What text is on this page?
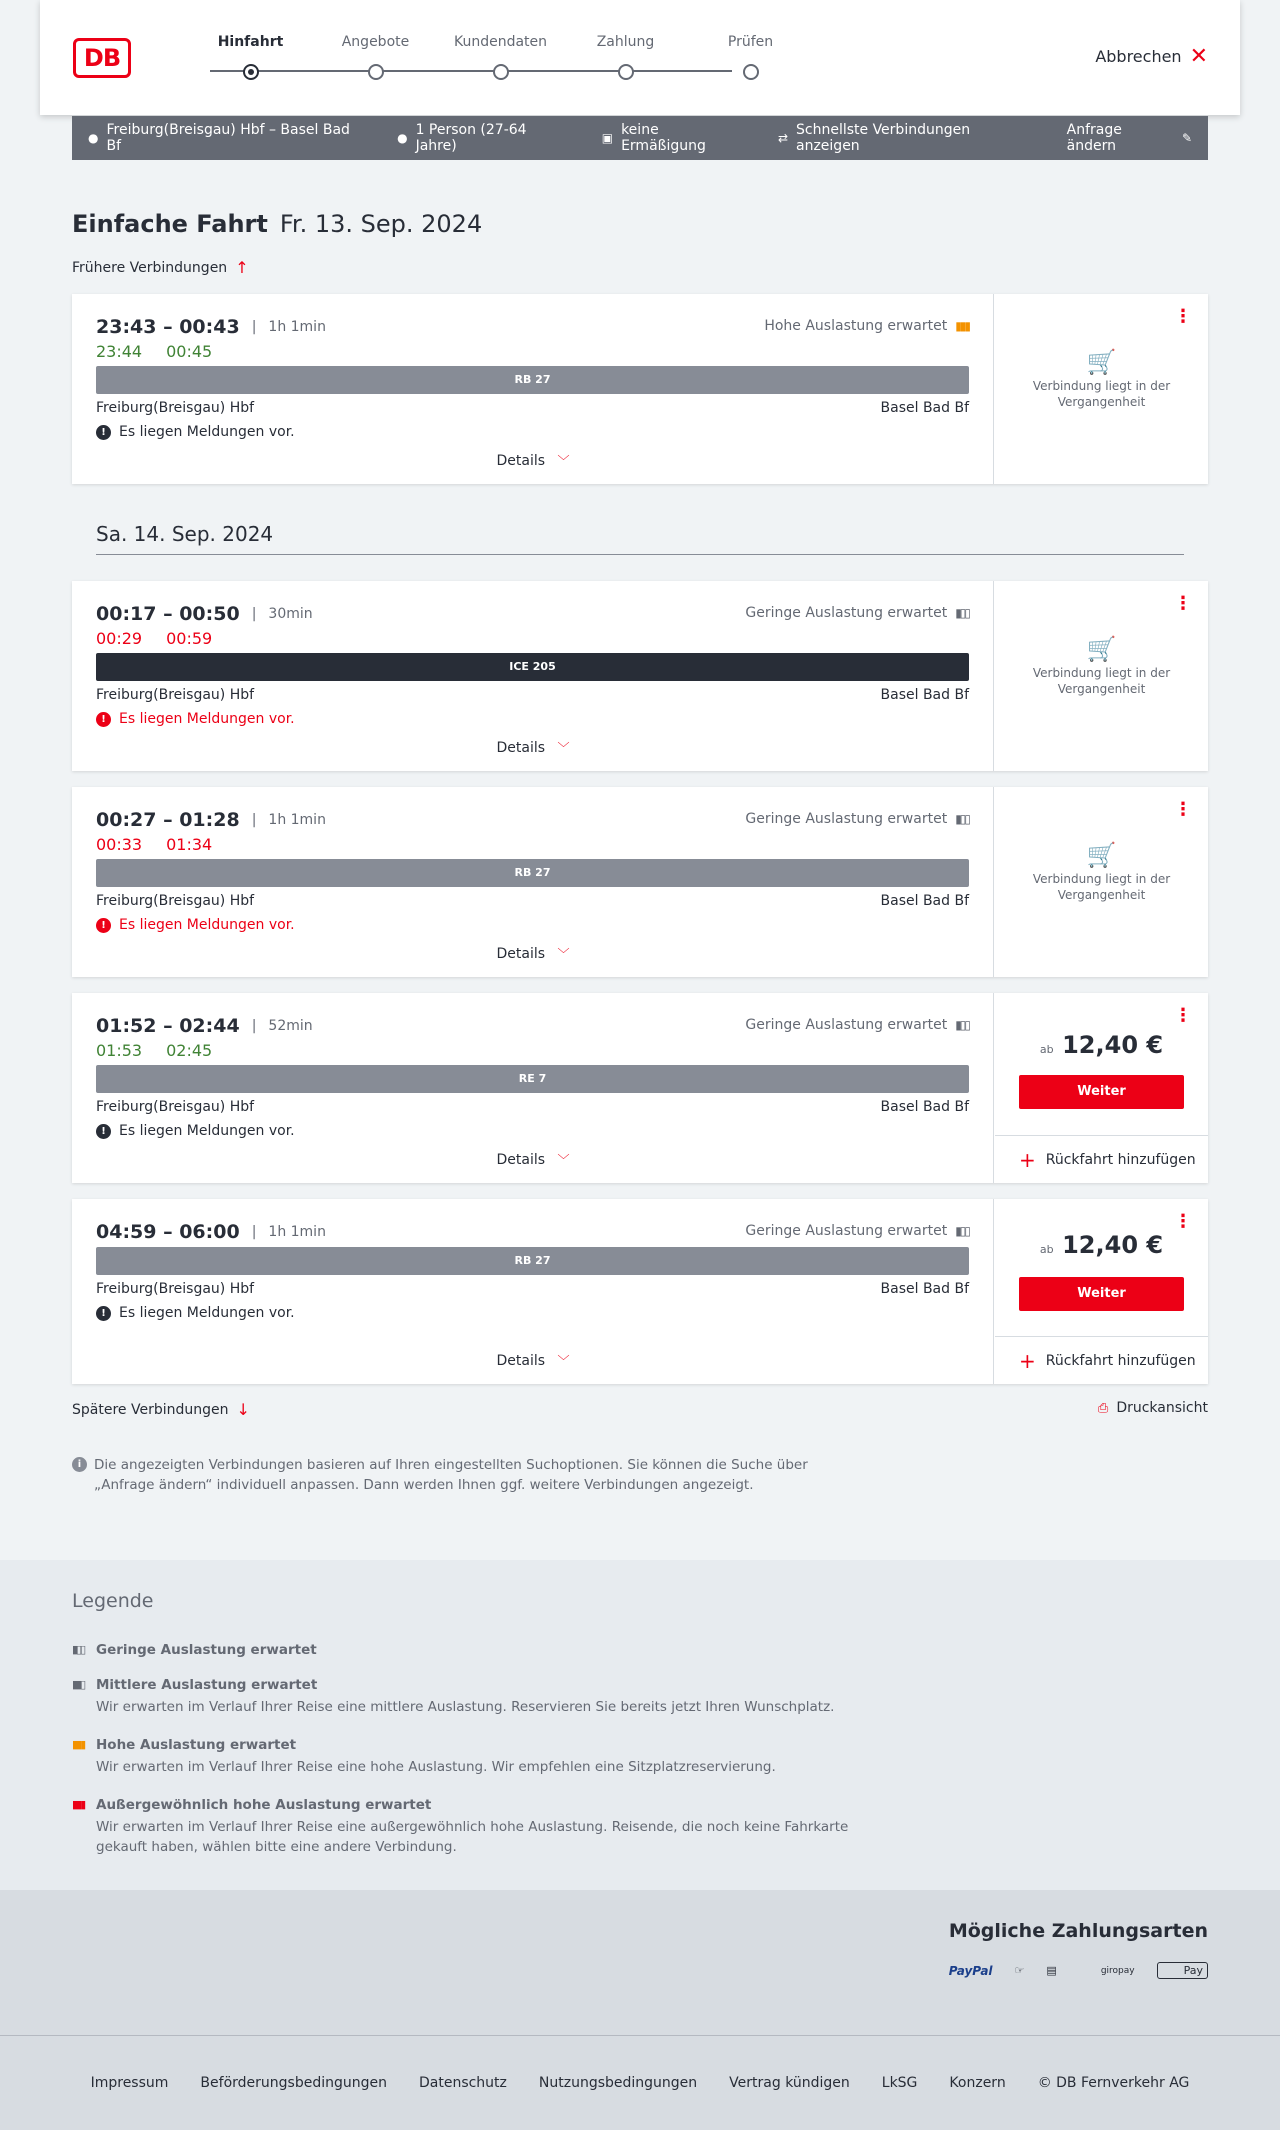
DB
Hinfahrt	Angebote	Kundendaten	Zahlung	Prüfen
Abbrechen ✕
● Freiburg(Breisgau) Hbf – Basel Bad Bf	● 1 Person (27-64 Jahre)	▣ keine Ermäßigung	⇄ Schnellste Verbindungen anzeigen
Anfrage ändern	✎
Einfache Fahrt Fr. 13. Sep. 2024
Frühere Verbindungen ↑
23:43 – 00:43 | 1h 1min
23:44 00:45
Hohe Auslastung erwartet ▮▮▮
RB 27
Freiburg(Breisgau) Hbf	Basel Bad Bf
! Es liegen Meldungen vor.
Details ﹀
⋮
🛒
Verbindung liegt in der Vergangenheit
Sa. 14. Sep. 2024
00:17 – 00:50 | 30min
00:29 00:59
Geringe Auslastung erwartet ▮▯▯
ICE 205
Freiburg(Breisgau) Hbf	Basel Bad Bf
! Es liegen Meldungen vor.
Details ﹀
⋮
🛒
Verbindung liegt in der Vergangenheit
00:27 – 01:28 | 1h 1min
00:33 01:34
Geringe Auslastung erwartet ▮▯▯
RB 27
Freiburg(Breisgau) Hbf	Basel Bad Bf
! Es liegen Meldungen vor.
Details ﹀
⋮
🛒
Verbindung liegt in der Vergangenheit
01:52 – 02:44 | 52min
01:53 02:45
Geringe Auslastung erwartet ▮▯▯
RE 7
Freiburg(Breisgau) Hbf	Basel Bad Bf
! Es liegen Meldungen vor.
Details ﹀
⋮
ab 12,40 €
Weiter
+ Rückfahrt hinzufügen
04:59 – 06:00 | 1h 1min	Geringe Auslastung erwartet ▮▯▯
RB 27
Freiburg(Breisgau) Hbf	Basel Bad Bf
! Es liegen Meldungen vor.
Details ﹀
⋮
ab 12,40 €
Weiter
+ Rückfahrt hinzufügen
Spätere Verbindungen ↓	⎙ Druckansicht
i Die angezeigten Verbindungen basieren auf Ihren eingestellten Suchoptionen. Sie können die Suche über „Anfrage ändern“ individuell anpassen. Dann werden Ihnen ggf. weitere Verbindungen angezeigt.
Legende
▮▯▯ Geringe Auslastung erwartet
▮▮▯ Mittlere Auslastung erwartet
Wir erwarten im Verlauf Ihrer Reise eine mittlere Auslastung. Reservieren Sie bereits jetzt Ihren Wunschplatz.
▮▮▮ Hohe Auslastung erwartet
Wir erwarten im Verlauf Ihrer Reise eine hohe Auslastung. Wir empfehlen eine Sitzplatzreservierung.
▮▮▮ Außergewöhnlich hohe Auslastung erwartet
Wir erwarten im Verlauf Ihrer Reise eine außergewöhnlich hohe Auslastung. Reisende, die noch keine Fahrkarte gekauft haben, wählen bitte eine andere Verbindung.
Mögliche Zahlungsarten
PayPal ☞ ▤	giropay	Pay
Impressum Beförderungsbedingungen Datenschutz Nutzungsbedingungen Vertrag kündigen LkSG Konzern © DB Fernverkehr AG
